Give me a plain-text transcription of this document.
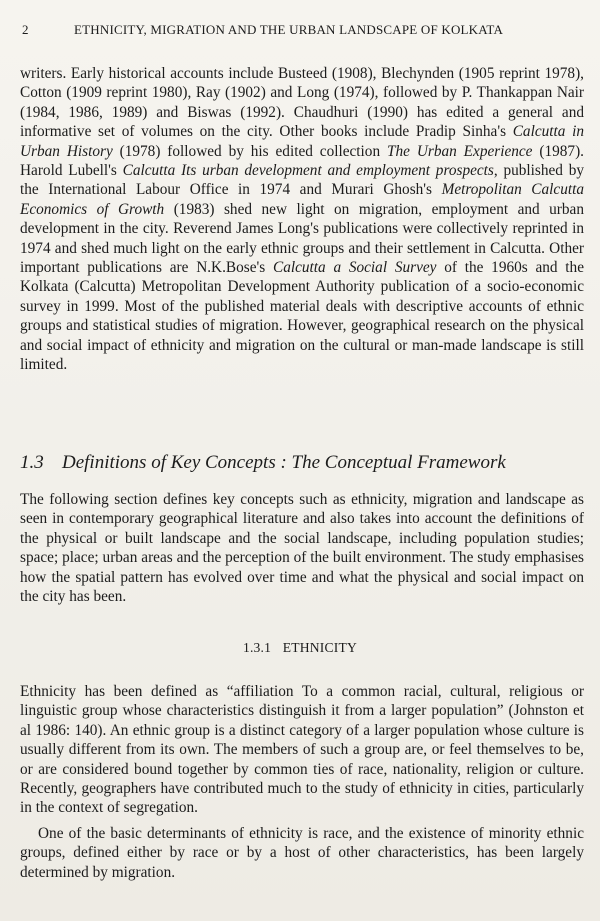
2	ETHNICITY, MIGRATION AND THE URBAN LANDSCAPE OF KOLKATA
writers. Early historical accounts include Busteed (1908), Blechynden (1905 reprint 1978), Cotton (1909 reprint 1980), Ray (1902) and Long (1974), followed by P. Thankappan Nair (1984, 1986, 1989) and Biswas (1992). Chaudhuri (1990) has edited a general and informative set of volumes on the city. Other books include Pradip Sinha's Calcutta in Urban History (1978) followed by his edited collection The Urban Experience (1987). Harold Lubell's Calcutta Its urban development and employment prospects, published by the International Labour Office in 1974 and Murari Ghosh's Metropolitan Calcutta Economics of Growth (1983) shed new light on migration, employment and urban development in the city. Reverend James Long's publications were collectively reprinted in 1974 and shed much light on the early ethnic groups and their settlement in Calcutta. Other important publications are N.K.Bose's Calcutta a Social Survey of the 1960s and the Kolkata (Calcutta) Metropolitan Development Authority publication of a socio-economic survey in 1999. Most of the published material deals with descriptive accounts of ethnic groups and statistical studies of migration. However, geographical research on the physical and social impact of ethnicity and migration on the cultural or man-made landscape is still limited.
1.3 Definitions of Key Concepts : The Conceptual Framework
The following section defines key concepts such as ethnicity, migration and landscape as seen in contemporary geographical literature and also takes into account the definitions of the physical or built landscape and the social landscape, including population studies; space; place; urban areas and the perception of the built environment. The study emphasises how the spatial pattern has evolved over time and what the physical and social impact on the city has been.
1.3.1 ETHNICITY
Ethnicity has been defined as “affiliation To a common racial, cultural, religious or linguistic group whose characteristics distinguish it from a larger population” (Johnston et al 1986: 140). An ethnic group is a distinct category of a larger population whose culture is usually different from its own. The members of such a group are, or feel themselves to be, or are considered bound together by common ties of race, nationality, religion or culture. Recently, geographers have contributed much to the study of ethnicity in cities, particularly in the context of segregation.
One of the basic determinants of ethnicity is race, and the existence of minority ethnic groups, defined either by race or by a host of other characteristics, has been largely determined by migration.
